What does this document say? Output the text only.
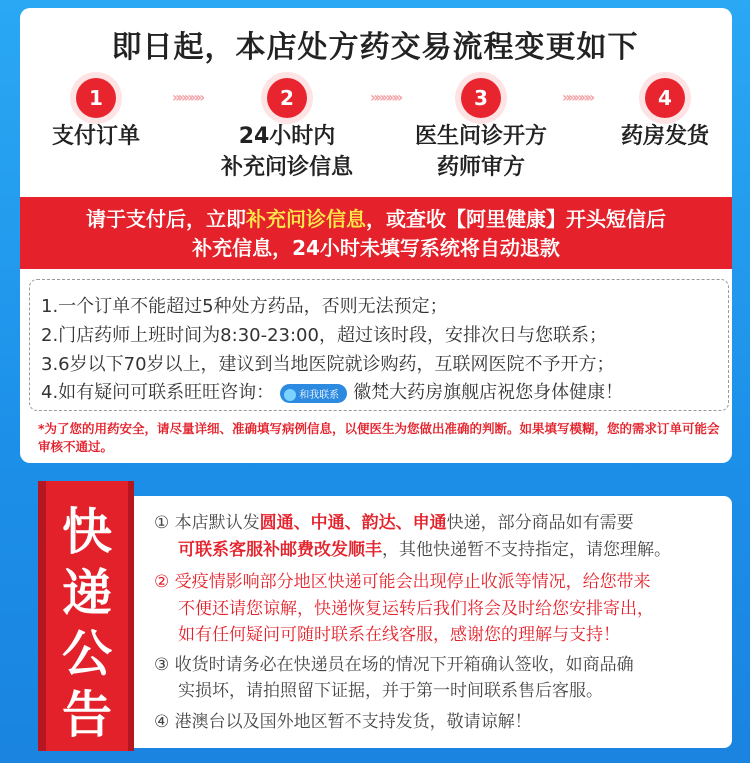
即日起，本店处方药交易流程变更如下
1	»»»»»	2	»»»»»	3	»»»»»	4
支付订单	24小时内
补充问诊信息
医生问诊开方
药师审方
药房发货
请于支付后，立即补充问诊信息，或查收【阿里健康】开头短信后
补充信息，24小时未填写系统将自动退款
1.一个订单不能超过5种处方药品，否则无法预定；
2.门店药师上班时间为8:30-23:00，超过该时段，安排次日与您联系；
3.6岁以下70岁以上，建议到当地医院就诊购药，互联网医院不予开方；
4.如有疑问可联系旺旺咨询：	和我联系 徽梵大药房旗舰店祝您身体健康！
*为了您的用药安全，请尽量详细、准确填写病例信息，以便医生为您做出准确的判断。如果填写模糊，您的需求订单可能会审核不通过。
快
递
公
告
① 本店默认发圆通、中通、韵达、申通快递，部分商品如有需要
可联系客服补邮费改发顺丰，其他快递暂不支持指定，请您理解。
② 受疫情影响部分地区快递可能会出现停止收派等情况，给您带来
不便还请您谅解，快递恢复运转后我们将会及时给您安排寄出，
如有任何疑问可随时联系在线客服，感谢您的理解与支持！
③ 收货时请务必在快递员在场的情况下开箱确认签收，如商品确
实损坏，请拍照留下证据，并于第一时间联系售后客服。
④ 港澳台以及国外地区暂不支持发货，敬请谅解！
